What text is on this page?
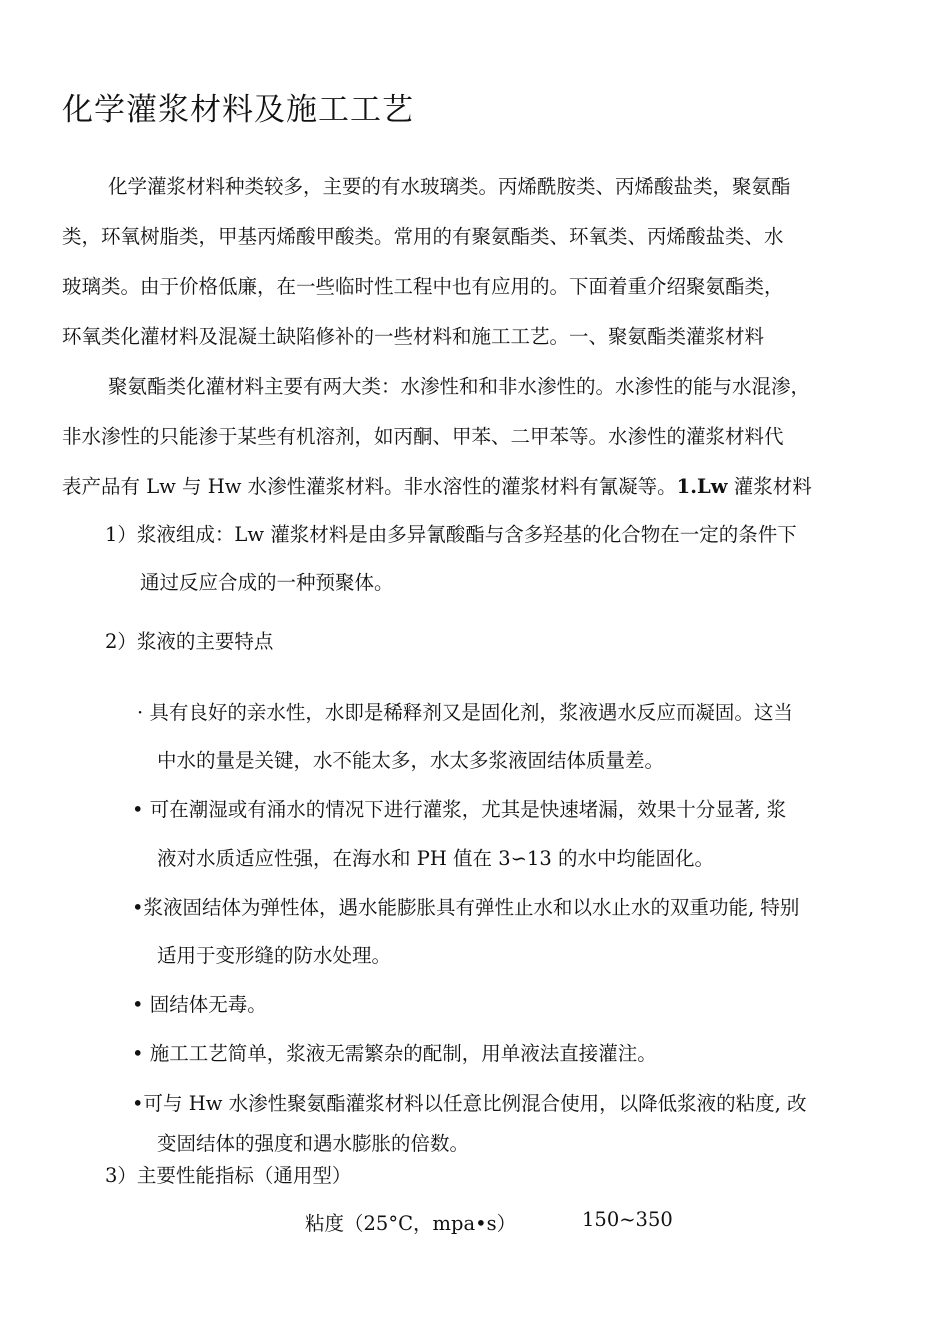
化学灌浆材料及施工工艺
化学灌浆材料种类较多，主要的有水玻璃类。丙烯酰胺类、丙烯酸盐类，聚氨酯
类，环氧树脂类，甲基丙烯酸甲酸类。常用的有聚氨酯类、环氧类、丙烯酸盐类、水
玻璃类。由于价格低廉，在一些临时性工程中也有应用的。下面着重介绍聚氨酯类，
环氧类化灌材料及混凝土缺陷修补的一些材料和施工工艺。一、聚氨酯类灌浆材料
聚氨酯类化灌材料主要有两大类：水渗性和和非水渗性的。水渗性的能与水混渗，
非水渗性的只能渗于某些有机溶剂，如丙酮、甲苯、二甲苯等。水渗性的灌浆材料代
表产品有 Lw 与 Hw 水渗性灌浆材料。非水溶性的灌浆材料有氰凝等。1.Lw 灌浆材料
1）浆液组成：Lw 灌浆材料是由多异氰酸酯与含多羟基的化合物在一定的条件下
通过反应合成的一种预聚体。
2）浆液的主要特点
· 具有良好的亲水性，水即是稀释剂又是固化剂，浆液遇水反应而凝固。这当
中水的量是关键，水不能太多，水太多浆液固结体质量差。
• 可在潮湿或有涌水的情况下进行灌浆，尤其是快速堵漏，效果十分显著, 浆
液对水质适应性强，在海水和 PH 值在 3∽13 的水中均能固化。
•浆液固结体为弹性体，遇水能膨胀具有弹性止水和以水止水的双重功能, 特别
适用于变形缝的防水处理。
• 固结体无毒。
• 施工工艺简单，浆液无需繁杂的配制，用单液法直接灌注。
•可与 Hw 水渗性聚氨酯灌浆材料以任意比例混合使用，以降低浆液的粘度, 改
变固结体的强度和遇水膨胀的倍数。
3）主要性能指标（通用型）
粘度（25°C，mpa•s）	150~350
